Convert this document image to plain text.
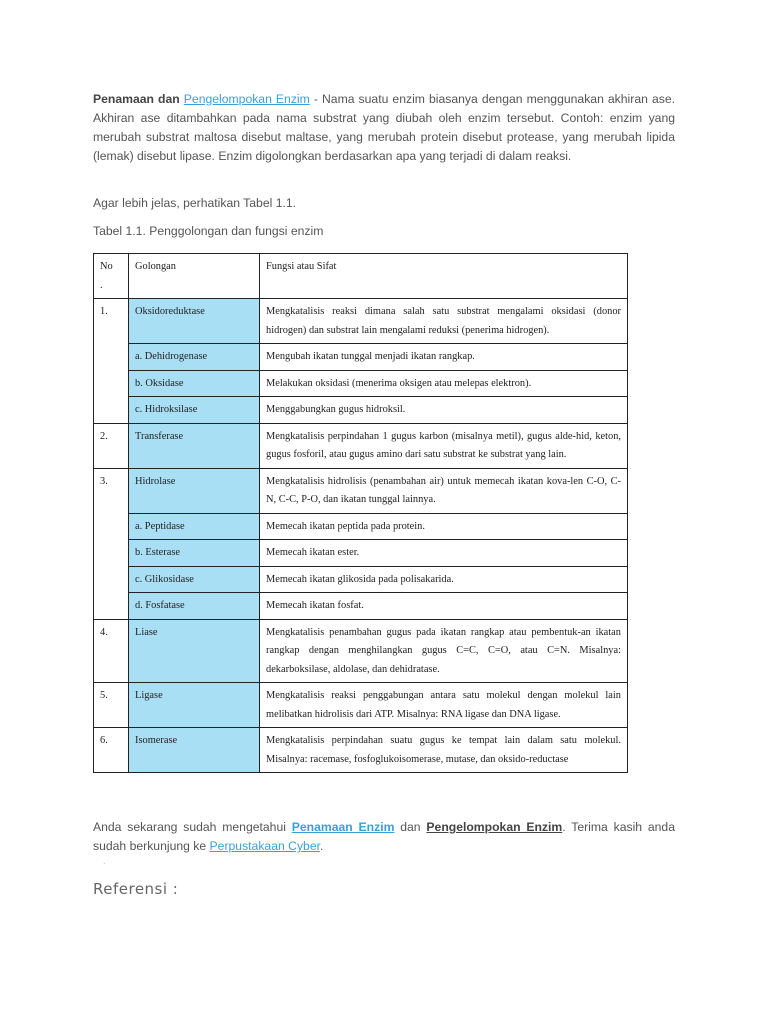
Penamaan dan Pengelompokan Enzim - Nama suatu enzim biasanya dengan menggunakan akhiran ase. Akhiran ase ditambahkan pada nama substrat yang diubah oleh enzim tersebut. Contoh: enzim yang merubah substrat maltosa disebut maltase, yang merubah protein disebut protease, yang merubah lipida (lemak) disebut lipase. Enzim digolongkan berdasarkan apa yang terjadi di dalam reaksi.

Agar lebih jelas, perhatikan Tabel 1.1.

Tabel 1.1. Penggolongan dan fungsi enzim

No
.	Golongan	Fungsi atau Sifat
1.	Oksidoreduktase	Mengkatalisis reaksi dimana salah satu substrat mengalami oksidasi (donor hidrogen) dan substrat lain mengalami reduksi (penerima hidrogen).
	a. Dehidrogenase	Mengubah ikatan tunggal menjadi ikatan rangkap.
	b. Oksidase	Melakukan oksidasi (menerima oksigen atau melepas elektron).
	c. Hidroksilase	Menggabungkan gugus hidroksil.
2.	Transferase	Mengkatalisis perpindahan 1 gugus karbon (misalnya metil), gugus alde-hid, keton, gugus fosforil, atau gugus amino dari satu substrat ke substrat yang lain.
3.	Hidrolase	Mengkatalisis hidrolisis (penambahan air) untuk memecah ikatan kova-len C-O, C-N, C-C, P-O, dan ikatan tunggal lainnya.
	a. Peptidase	Memecah ikatan peptida pada protein.
	b. Esterase	Memecah ikatan ester.
	c. Glikosidase	Memecah ikatan glikosida pada polisakarida.
	d. Fosfatase	Memecah ikatan fosfat.
4.	Liase	Mengkatalisis penambahan gugus pada ikatan rangkap atau pembentuk-an ikatan rangkap dengan menghilangkan gugus C=C, C=O, atau C=N. Misalnya: dekarboksilase, aldolase, dan dehidratase.
5.	Ligase	Mengkatalisis reaksi penggabungan antara satu molekul dengan molekul lain melibatkan hidrolisis dari ATP. Misalnya: RNA ligase dan DNA ligase.
6.	Isomerase	Mengkatalisis perpindahan suatu gugus ke tempat lain dalam satu molekul. Misalnya: racemase, fosfoglukoisomerase, mutase, dan oksido-reductase

Anda sekarang sudah mengetahui Penamaan Enzim dan Pengelompokan Enzim. Terima kasih anda sudah berkunjung ke Perpustakaan Cyber.

.
Referensi :
